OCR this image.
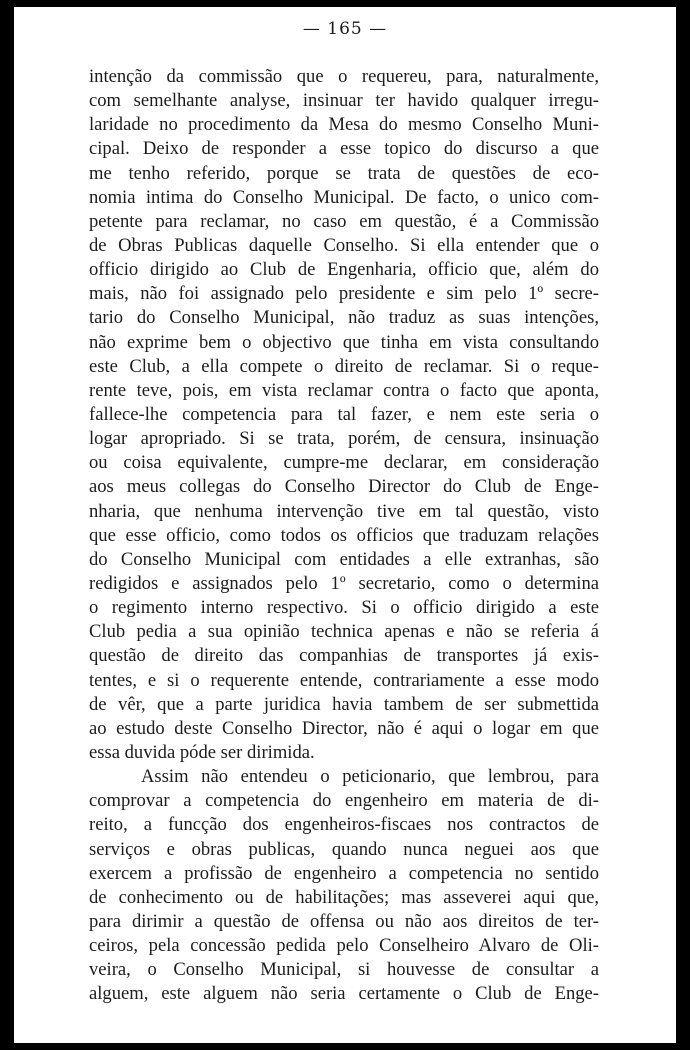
— 165 —
intenção da commissão que o requereu, para, naturalmente,
com semelhante analyse, insinuar ter havido qualquer irregu-
laridade no procedimento da Mesa do mesmo Conselho Muni-
cipal. Deixo de responder a esse topico do discurso a que
me tenho referido, porque se trata de questões de eco-
nomia intima do Conselho Municipal. De facto, o unico com-
petente para reclamar, no caso em questão, é a Commissão
de Obras Publicas daquelle Conselho. Si ella entender que o
officio dirigido ao Club de Engenharia, officio que, além do
mais, não foi assignado pelo presidente e sim pelo 1º secre-
tario do Conselho Municipal, não traduz as suas intenções,
não exprime bem o objectivo que tinha em vista consultando
este Club, a ella compete o direito de reclamar. Si o reque-
rente teve, pois, em vista reclamar contra o facto que aponta,
fallece-lhe competencia para tal fazer, e nem este seria o
logar apropriado. Si se trata, porém, de censura, insinuação
ou coisa equivalente, cumpre-me declarar, em consideração
aos meus collegas do Conselho Director do Club de Enge-
nharia, que nenhuma intervenção tive em tal questão, visto
que esse officio, como todos os officios que traduzam relações
do Conselho Municipal com entidades a elle extranhas, são
redigidos e assignados pelo 1º secretario, como o determina
o regimento interno respectivo. Si o officio dirigido a este
Club pedia a sua opinião technica apenas e não se referia á
questão de direito das companhias de transportes já exis-
tentes, e si o requerente entende, contrariamente a esse modo
de vêr, que a parte juridica havia tambem de ser submettida
ao estudo deste Conselho Director, não é aqui o logar em que
essa duvida póde ser dirimida.
Assim não entendeu o peticionario, que lembrou, para
comprovar a competencia do engenheiro em materia de di-
reito, a funcção dos engenheiros-fiscaes nos contractos de
serviços e obras publicas, quando nunca neguei aos que
exercem a profissão de engenheiro a competencia no sentido
de conhecimento ou de habilitações; mas asseverei aqui que,
para dirimir a questão de offensa ou não aos direitos de ter-
ceiros, pela concessão pedida pelo Conselheiro Alvaro de Oli-
veira, o Conselho Municipal, si houvesse de consultar a
alguem, este alguem não seria certamente o Club de Enge-
